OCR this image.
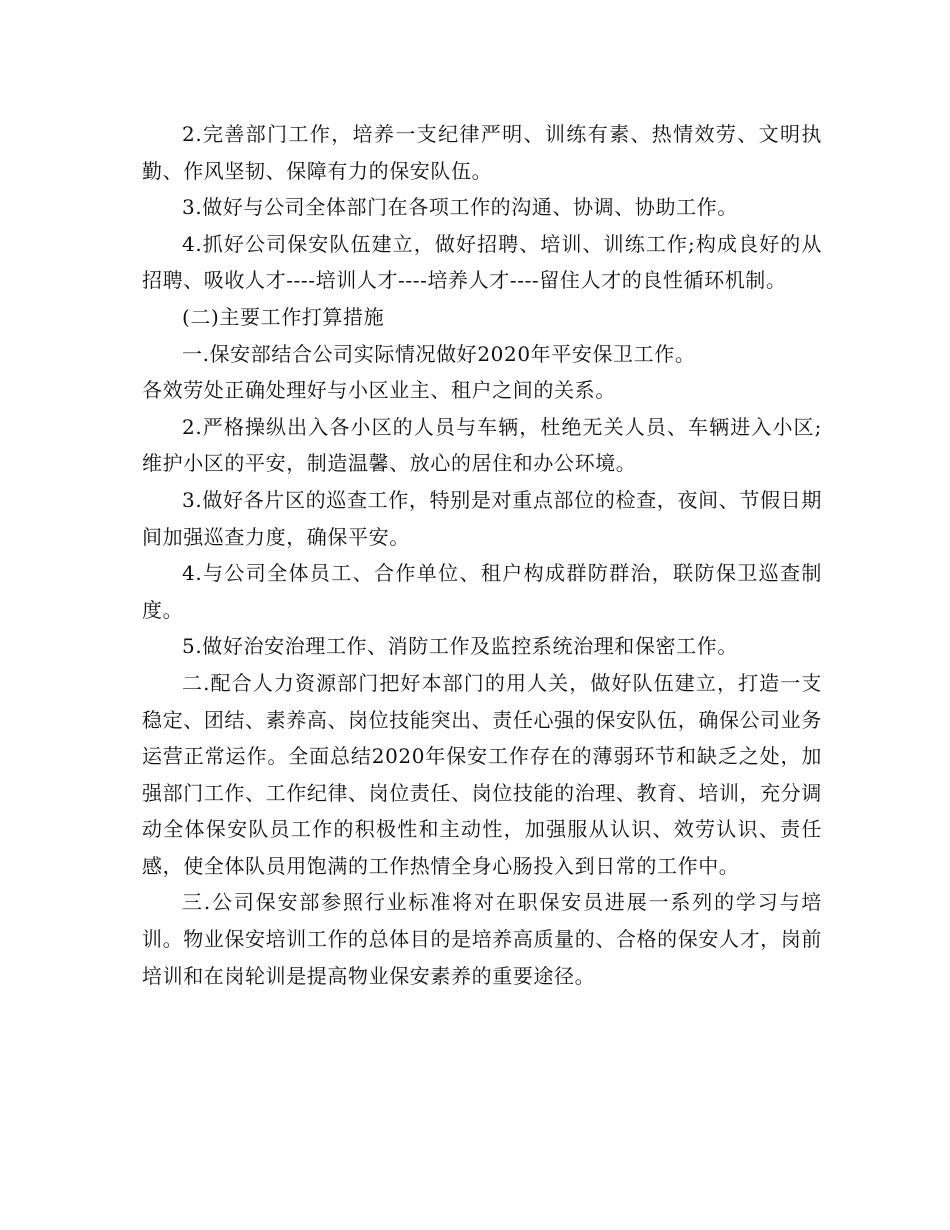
2.完善部门工作，培养一支纪律严明、训练有素、热情效劳、文明执勤、作风坚韧、保障有力的保安队伍。

3.做好与公司全体部门在各项工作的沟通、协调、协助工作。

4.抓好公司保安队伍建立，做好招聘、培训、训练工作;构成良好的从招聘、吸收人才----培训人才----培养人才----留住人才的良性循环机制。

(二)主要工作打算措施

一.保安部结合公司实际情况做好2020年平安保卫工作。

各效劳处正确处理好与小区业主、租户之间的关系。

2.严格操纵出入各小区的人员与车辆，杜绝无关人员、车辆进入小区;维护小区的平安，制造温馨、放心的居住和办公环境。

3.做好各片区的巡查工作，特别是对重点部位的检查，夜间、节假日期间加强巡查力度，确保平安。

4.与公司全体员工、合作单位、租户构成群防群治，联防保卫巡查制度。

5.做好治安治理工作、消防工作及监控系统治理和保密工作。

二.配合人力资源部门把好本部门的用人关，做好队伍建立，打造一支稳定、团结、素养高、岗位技能突出、责任心强的保安队伍，确保公司业务运营正常运作。全面总结2020年保安工作存在的薄弱环节和缺乏之处，加强部门工作、工作纪律、岗位责任、岗位技能的治理、教育、培训，充分调动全体保安队员工作的积极性和主动性，加强服从认识、效劳认识、责任感，使全体队员用饱满的工作热情全身心肠投入到日常的工作中。

三.公司保安部参照行业标准将对在职保安员进展一系列的学习与培训。物业保安培训工作的总体目的是培养高质量的、合格的保安人才，岗前培训和在岗轮训是提高物业保安素养的重要途径。
